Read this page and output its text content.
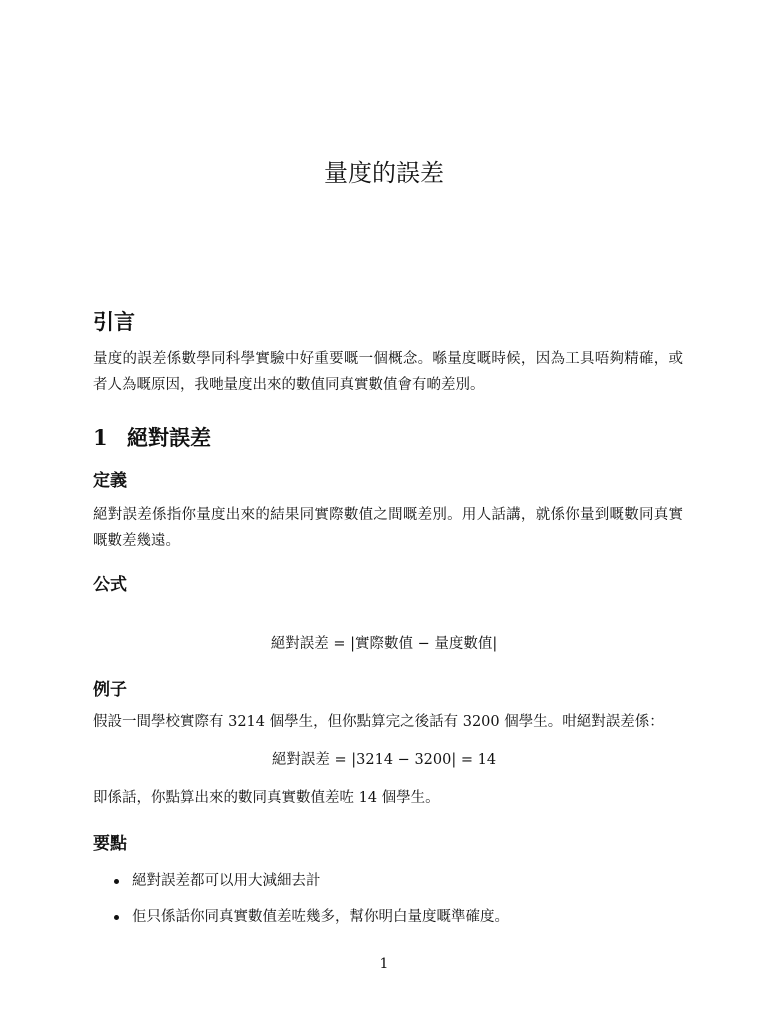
量度的誤差
引言
量度的誤差係數學同科學實驗中好重要嘅一個概念。喺量度嘅時候，因為工具唔夠精確，或者人為嘅原因，我哋量度出來的數值同真實數值會有啲差別。
1 絕對誤差
定義
絕對誤差係指你量度出來的結果同實際數值之間嘅差別。用人話講，就係你量到嘅數同真實嘅數差幾遠。
公式
絕對誤差 = |實際數值 − 量度數值|
例子
假設一間學校實際有 3214 個學生，但你點算完之後話有 3200 個學生。咁絕對誤差係：
絕對誤差 = |3214 − 3200| = 14
即係話，你點算出來的數同真實數值差咗 14 個學生。
要點
絕對誤差都可以用大減細去計
佢只係話你同真實數值差咗幾多，幫你明白量度嘅準確度。
1
